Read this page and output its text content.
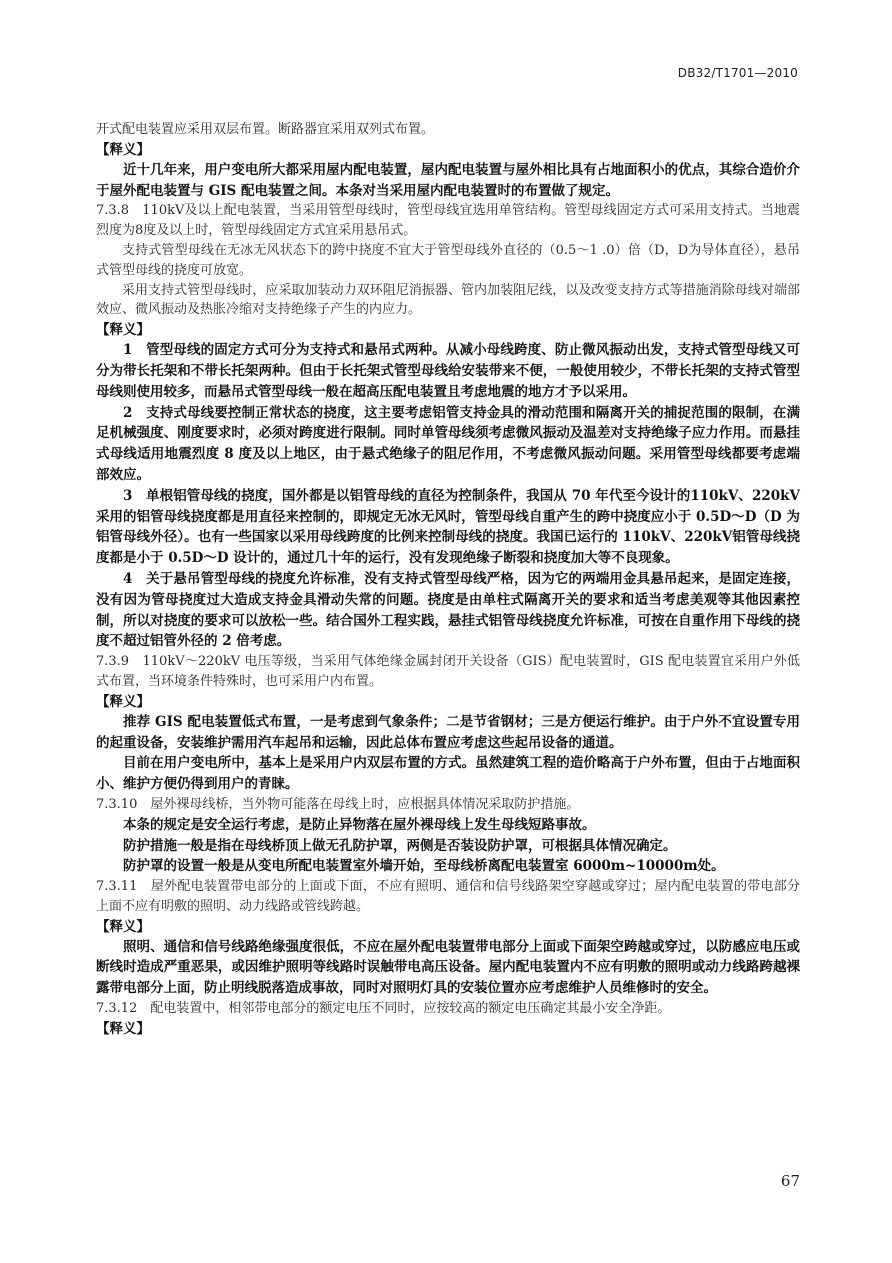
DB32/T1701—2010

开式配电装置应采用双层布置。断路器宜采用双列式布置。

【释义】

近十几年来，用户变电所大都采用屋内配电装置，屋内配电装置与屋外相比具有占地面积小的优点，其综合造价介于屋外配电装置与 GIS 配电装置之间。本条对当采用屋内配电装置时的布置做了规定。

7.3.8　110kV及以上配电装置，当采用管型母线时，管型母线宜选用单管结构。管型母线固定方式可采用支持式。当地震烈度为8度及以上时，管型母线固定方式宜采用悬吊式。

支持式管型母线在无冰无风状态下的跨中挠度不宜大于管型母线外直径的（0.5～1 .0）倍（D，D为导体直径），悬吊式管型母线的挠度可放宽。

采用支持式管型母线时，应采取加装动力双环阻尼消振器、管内加装阻尼线，以及改变支持方式等措施消除母线对端部效应、微风振动及热胀冷缩对支持绝缘子产生的内应力。

【释义】

1　管型母线的固定方式可分为支持式和悬吊式两种。从减小母线跨度、防止微风振动出发，支持式管型母线又可分为带长托架和不带长托架两种。但由于长托架式管型母线给安装带来不便，一般使用较少，不带长托架的支持式管型母线则使用较多，而悬吊式管型母线一般在超高压配电装置且考虑地震的地方才予以采用。

2　支持式母线要控制正常状态的挠度，这主要考虑铝管支持金具的滑动范围和隔离开关的捕捉范围的限制，在满足机械强度、刚度要求时，必须对跨度进行限制。同时单管母线须考虑微风振动及温差对支持绝缘子应力作用。而悬挂式母线适用地震烈度 8 度及以上地区，由于悬式绝缘子的阻尼作用，不考虑微风振动问题。采用管型母线都要考虑端部效应。

3　单根铝管母线的挠度，国外都是以铝管母线的直径为控制条件，我国从 70 年代至今设计的110kV、220kV采用的铝管母线挠度都是用直径来控制的，即规定无冰无风时，管型母线自重产生的跨中挠度应小于 0.5D～D（D 为铝管母线外径）。也有一些国家以采用母线跨度的比例来控制母线的挠度。我国已运行的 110kV、220kV铝管母线挠度都是小于 0.5D～D 设计的，通过几十年的运行，没有发现绝缘子断裂和挠度加大等不良现象。

4　关于悬吊管型母线的挠度允许标准，没有支持式管型母线严格，因为它的两端用金具悬吊起来，是固定连接，没有因为管母挠度过大造成支持金具滑动失常的问题。挠度是由单柱式隔离开关的要求和适当考虑美观等其他因素控制，所以对挠度的要求可以放松一些。结合国外工程实践，悬挂式铝管母线挠度允许标准，可按在自重作用下母线的挠度不超过铝管外径的 2 倍考虑。

7.3.9　110kV～220kV 电压等级，当采用气体绝缘金属封闭开关设备（GIS）配电装置时，GIS 配电装置宜采用户外低式布置，当环境条件特殊时，也可采用户内布置。

【释义】

推荐 GIS 配电装置低式布置，一是考虑到气象条件；二是节省钢材；三是方便运行维护。由于户外不宜设置专用的起重设备，安装维护需用汽车起吊和运输，因此总体布置应考虑这些起吊设备的通道。

目前在用户变电所中，基本上是采用户内双层布置的方式。虽然建筑工程的造价略高于户外布置，但由于占地面积小、维护方便仍得到用户的青睐。

7.3.10　屋外裸母线桥，当外物可能落在母线上时，应根据具体情况采取防护措施。

本条的规定是安全运行考虑，是防止异物落在屋外裸母线上发生母线短路事故。

防护措施一般是指在母线桥顶上做无孔防护罩，两侧是否装设防护罩，可根据具体情况确定。

防护罩的设置一般是从变电所配电装置室外墙开始，至母线桥离配电装置室 6000m~10000m处。

7.3.11　屋外配电装置带电部分的上面或下面，不应有照明、通信和信号线路架空穿越或穿过；屋内配电装置的带电部分上面不应有明敷的照明、动力线路或管线跨越。

【释义】

照明、通信和信号线路绝缘强度很低，不应在屋外配电装置带电部分上面或下面架空跨越或穿过，以防感应电压或断线时造成严重恶果，或因维护照明等线路时误触带电高压设备。屋内配电装置内不应有明敷的照明或动力线路跨越裸露带电部分上面，防止明线脱落造成事故，同时对照明灯具的安装位置亦应考虑维护人员维修时的安全。

7.3.12　配电装置中，相邻带电部分的额定电压不同时，应按较高的额定电压确定其最小安全净距。

【释义】

67
